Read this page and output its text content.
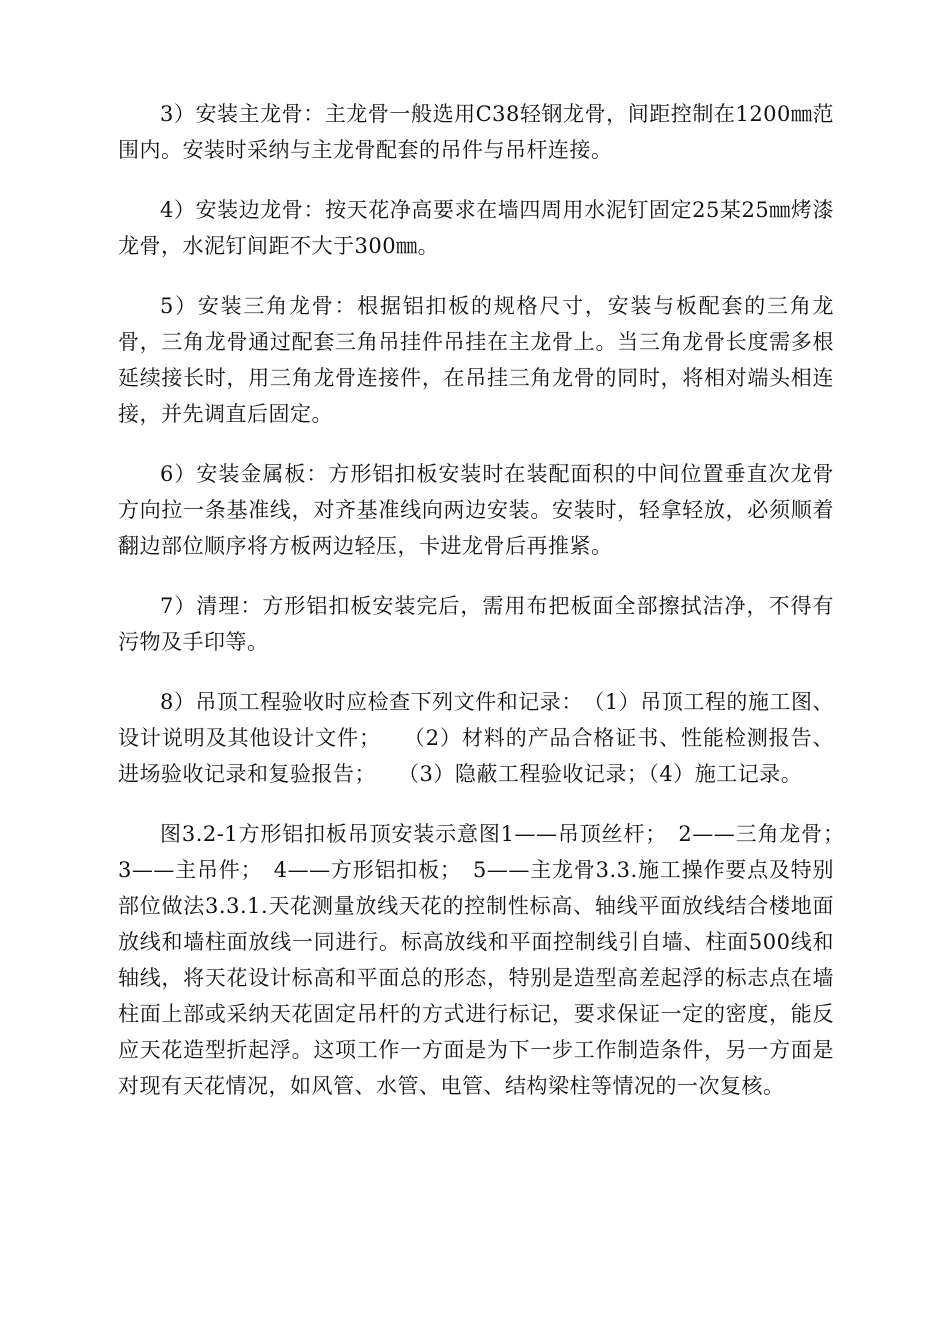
3）安装主龙骨：主龙骨一般选用C38轻钢龙骨，间距控制在1200㎜范围内。安装时采纳与主龙骨配套的吊件与吊杆连接。

4）安装边龙骨：按天花净高要求在墙四周用水泥钉固定25某25㎜烤漆龙骨，水泥钉间距不大于300㎜。

5）安装三角龙骨：根据铝扣板的规格尺寸，安装与板配套的三角龙骨，三角龙骨通过配套三角吊挂件吊挂在主龙骨上。当三角龙骨长度需多根延续接长时，用三角龙骨连接件，在吊挂三角龙骨的同时，将相对端头相连接，并先调直后固定。

6）安装金属板：方形铝扣板安装时在装配面积的中间位置垂直次龙骨方向拉一条基准线，对齐基准线向两边安装。安装时，轻拿轻放，必须顺着翻边部位顺序将方板两边轻压，卡进龙骨后再推紧。

7）清理：方形铝扣板安装完后，需用布把板面全部擦拭洁净，不得有污物及手印等。

8）吊顶工程验收时应检查下列文件和记录：　（1）吊顶工程的施工图、设计说明及其他设计文件；　　（2）材料的产品合格证书、性能检测报告、进场验收记录和复验报告；　　（3）隐蔽工程验收记录；（4）施工记录。

图3.2-1方形铝扣板吊顶安装示意图1——吊顶丝杆；　2——三角龙骨；　3——主吊件；　4——方形铝扣板；　5——主龙骨3.3.施工操作要点及特别部位做法3.3.1.天花测量放线天花的控制性标高、轴线平面放线结合楼地面放线和墙柱面放线一同进行。标高放线和平面控制线引自墙、柱面500线和轴线，将天花设计标高和平面总的形态，特别是造型高差起浮的标志点在墙柱面上部或采纳天花固定吊杆的方式进行标记，要求保证一定的密度，能反应天花造型折起浮。这项工作一方面是为下一步工作制造条件，另一方面是对现有天花情况，如风管、水管、电管、结构梁柱等情况的一次复核。
